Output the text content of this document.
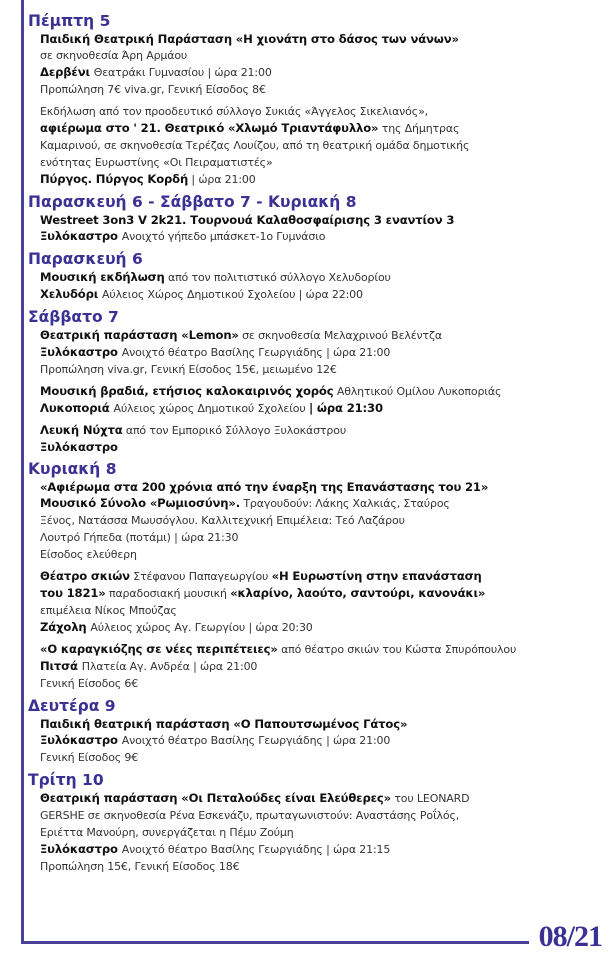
08/21
Πέμπτη 5

Παιδική Θεατρική Παράσταση «Η χιονάτη στο δάσος των νάνων»

σε σκηνοθεσία Άρη Αρμάου

Δερβένι Θεατράκι Γυμνασίου | ώρα 21:00

Προπώληση 7€ viva.gr, Γενική Είσοδος 8€

Εκδήλωση από τον προοδευτικό σύλλογο Συκιάς «Άγγελος Σικελιανός»,

αφιέρωμα στο ' 21. Θεατρικό «Χλωμό Τριαντάφυλλο» της Δήμητρας

Καμαρινού, σε σκηνοθεσία Τερέζας Λουίζου, από τη θεατρική ομάδα δημοτικής

ενότητας Ευρωστίνης «Οι Πειραματιστές»

Πύργος. Πύργος Κορδή | ώρα 21:00

Παρασκευή 6 - Σάββατο 7 - Κυριακή 8

Westreet 3on3 V 2k21. Τουρνουά Καλαθοσφαίρισης 3 εναντίον 3

Ξυλόκαστρο Ανοιχτό γήπεδο μπάσκετ-1ο Γυμνάσιο

Παρασκευή 6

Μουσική εκδήλωση από τον πολιτιστικό σύλλογο Χελυδορίου

Χελυδόρι Αύλειος Χώρος Δημοτικού Σχολείου | ώρα 22:00

Σάββατο 7

Θεατρική παράσταση «Lemon» σε σκηνοθεσία Μελαχρινού Βελέντζα

Ξυλόκαστρο Ανοιχτό θέατρο Βασίλης Γεωργιάδης | ώρα 21:00

Προπώληση viva.gr, Γενική Είσοδος 15€, μειωμένο 12€

Μουσική βραδιά, ετήσιος καλοκαιρινός χορός Αθλητικού Ομίλου Λυκοποριάς

Λυκοποριά Αύλειος χώρος Δημοτικού Σχολείου | ώρα 21:30

Λευκή Νύχτα από τον Εμπορικό Σύλλογο Ξυλοκάστρου

Ξυλόκαστρο

Κυριακή 8

«Αφιέρωμα στα 200 χρόνια από την έναρξη της Επανάστασης του 21»

Μουσικό Σύνολο «Ρωμιοσύνη». Τραγουδούν: Λάκης Χαλκιάς, Σταύρος

Ξένος, Νατάσσα Μωυσόγλου. Καλλιτεχνική Επιμέλεια: Τεό Λαζάρου

Λουτρό Γήπεδα (ποτάμι) | ώρα 21:30

Είσοδος ελεύθερη

Θέατρο σκιών Στέφανου Παπαγεωργίου «Η Ευρωστίνη στην επανάσταση

του 1821» παραδοσιακή μουσική «κλαρίνο, λαούτο, σαντούρι, κανονάκι»

επιμέλεια Νίκος Μπούζας

Ζάχολη Αύλειος χώρος Αγ. Γεωργίου | ώρα 20:30

«Ο καραγκιόζης σε νέες περιπέτειες» από θέατρο σκιών του Κώστα Σπυρόπουλου

Πιτσά Πλατεία Αγ. Ανδρέα | ώρα 21:00

Γενική Είσοδος 6€

Δευτέρα 9

Παιδική θεατρική παράσταση «Ο Παπουτσωμένος Γάτος»

Ξυλόκαστρο Ανοιχτό θέατρο Βασίλης Γεωργιάδης | ώρα 21:00

Γενική Είσοδος 9€

Τρίτη 10

Θεατρική παράσταση «Οι Πεταλούδες είναι Ελεύθερες» του LEONARD

GERSHE σε σκηνοθεσία Ρένα Εσκενάζυ, πρωταγωνιστούν: Αναστάσης Ροΐλός,

Εριέττα Μανούρη, συνεργάζεται η Πέμυ Ζούμη

Ξυλόκαστρο Ανοιχτό θέατρο Βασίλης Γεωργιάδης | ώρα 21:15

Προπώληση 15€, Γενική Είσοδος 18€
